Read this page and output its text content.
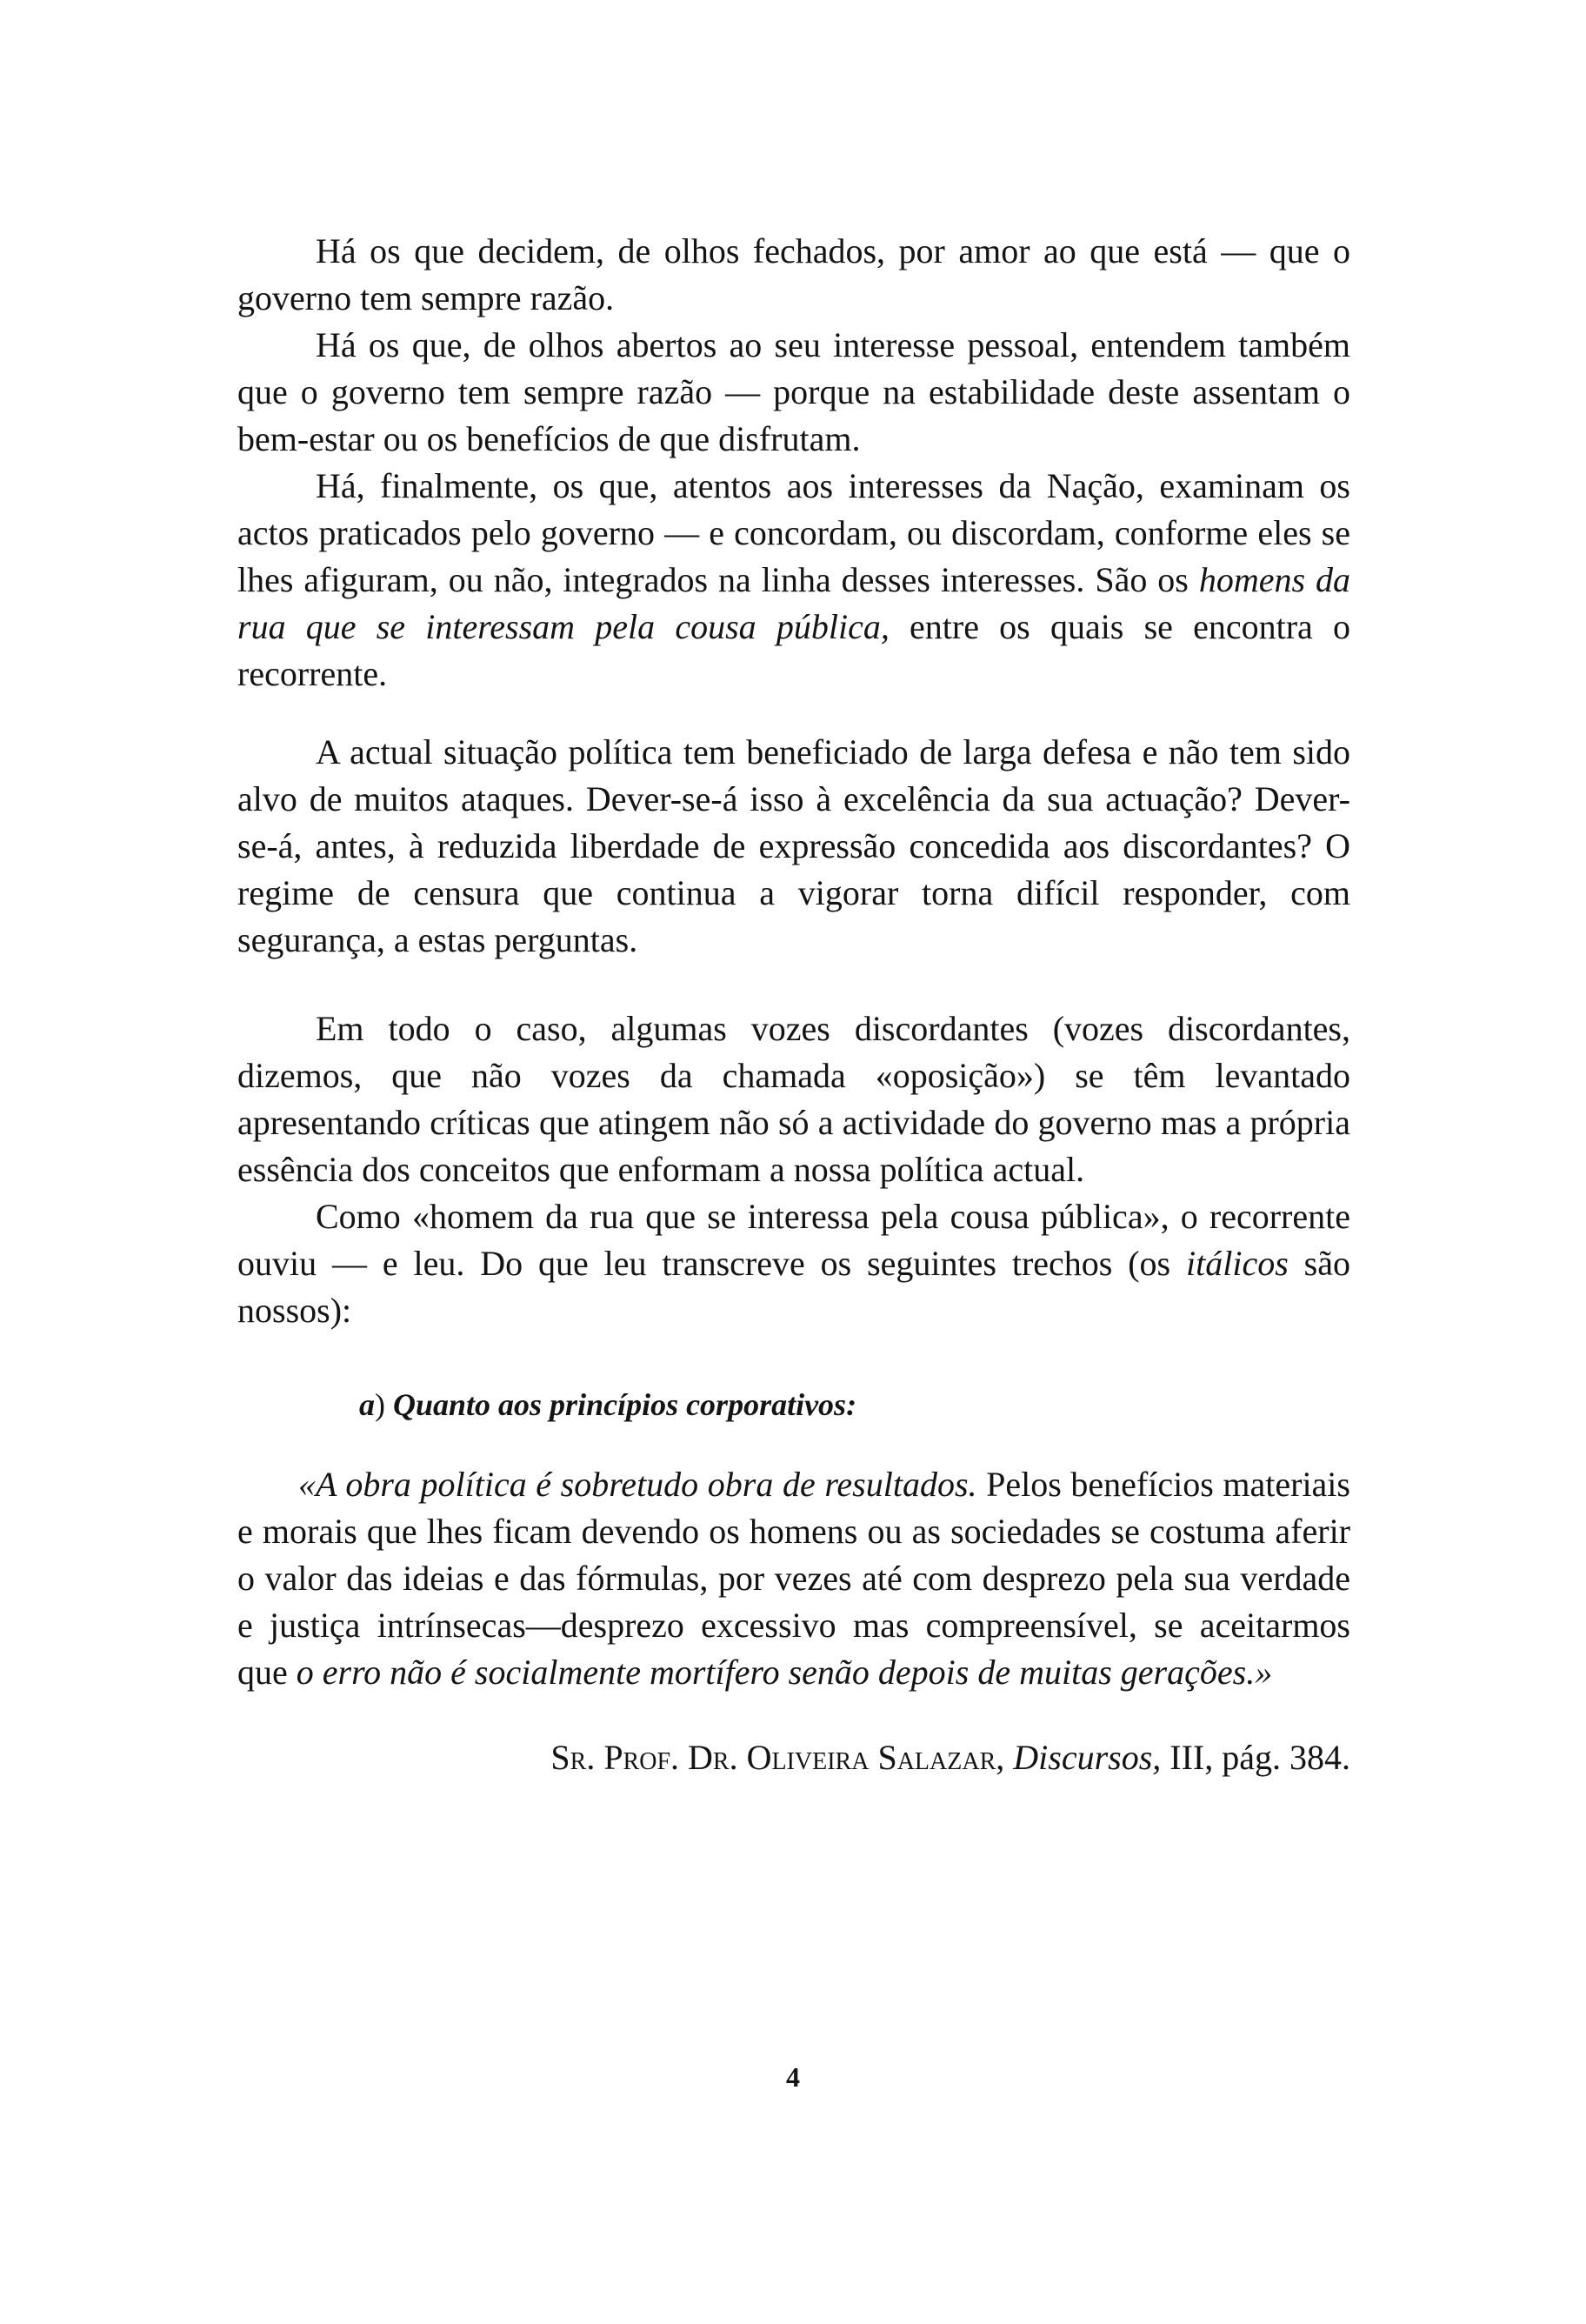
Há os que decidem, de olhos fechados, por amor ao que está — que o governo tem sempre razão.

Há os que, de olhos abertos ao seu interesse pessoal, entendem também que o governo tem sempre razão — porque na estabilidade deste assentam o bem-estar ou os benefícios de que disfrutam.

Há, finalmente, os que, atentos aos interesses da Nação, examinam os actos praticados pelo governo — e concordam, ou discordam, conforme eles se lhes afiguram, ou não, integrados na linha desses interesses. São os homens da rua que se interessam pela cousa pública, entre os quais se encontra o recorrente.

A actual situação política tem beneficiado de larga defesa e não tem sido alvo de muitos ataques. Dever-se-á isso à excelência da sua actuação? Dever-se-á, antes, à reduzida liberdade de expressão concedida aos discordantes? O regime de censura que continua a vigorar torna difícil responder, com segurança, a estas perguntas.

Em todo o caso, algumas vozes discordantes (vozes discordantes, dizemos, que não vozes da chamada «oposição») se têm levantado apresentando críticas que atingem não só a actividade do governo mas a própria essência dos conceitos que enformam a nossa política actual.

Como «homem da rua que se interessa pela cousa pública», o recorrente ouviu — e leu. Do que leu transcreve os seguintes trechos (os itálicos são nossos):

a) Quanto aos princípios corporativos:

«A obra política é sobretudo obra de resultados. Pelos benefícios materiais e morais que lhes ficam devendo os homens ou as sociedades se costuma aferir o valor das ideias e das fórmulas, por vezes até com desprezo pela sua verdade e justiça intrínsecas—desprezo excessivo mas compreensível, se aceitarmos que o erro não é socialmente mortífero senão depois de muitas gerações.»

Sr. Prof. Dr. Oliveira Salazar, Discursos, III, pág. 384.

4
